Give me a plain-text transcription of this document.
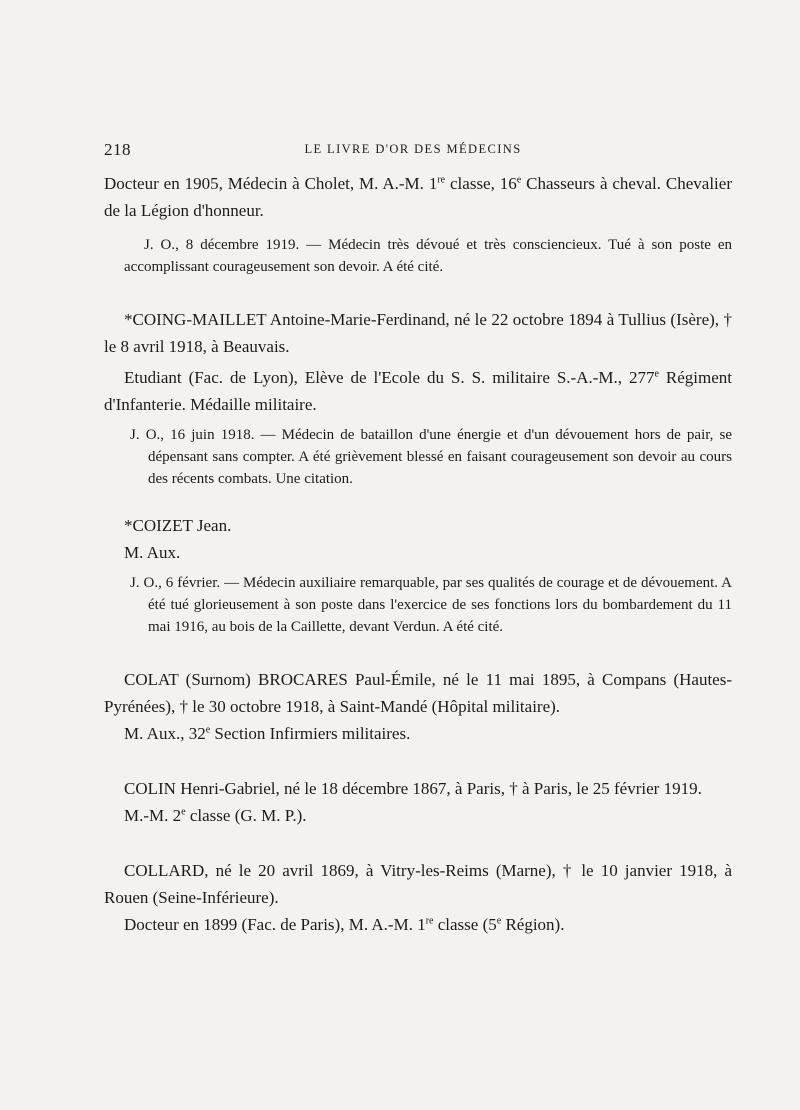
218	LE LIVRE D'OR DES MÉDECINS

Docteur en 1905, Médecin à Cholet, M. A.-M. 1re classe, 16e Chasseurs à cheval. Chevalier de la Légion d'honneur.

J. O., 8 décembre 1919. — Médecin très dévoué et très consciencieux. Tué à son poste en accomplissant courageusement son devoir. A été cité.

*COING-MAILLET Antoine-Marie-Ferdinand, né le 22 octobre 1894 à Tullius (Isère), † le 8 avril 1918, à Beauvais.

Etudiant (Fac. de Lyon), Elève de l'Ecole du S. S. militaire S.-A.-M., 277e Régiment d'Infanterie. Médaille militaire.

J. O., 16 juin 1918. — Médecin de bataillon d'une énergie et d'un dévouement hors de pair, se dépensant sans compter. A été grièvement blessé en faisant courageusement son devoir au cours des récents combats. Une citation.

*COIZET Jean.

M. Aux.

J. O., 6 février. — Médecin auxiliaire remarquable, par ses qualités de courage et de dévouement. A été tué glorieusement à son poste dans l'exercice de ses fonctions lors du bombardement du 11 mai 1916, au bois de la Caillette, devant Verdun. A été cité.

COLAT (Surnom) BROCARES Paul-Émile, né le 11 mai 1895, à Compans (Hautes-Pyrénées), † le 30 octobre 1918, à Saint-Mandé (Hôpital militaire).

M. Aux., 32e Section Infirmiers militaires.

COLIN Henri-Gabriel, né le 18 décembre 1867, à Paris, † à Paris, le 25 février 1919.

M.-M. 2e classe (G. M. P.).

COLLARD, né le 20 avril 1869, à Vitry-les-Reims (Marne), † le 10 janvier 1918, à Rouen (Seine-Inférieure).

Docteur en 1899 (Fac. de Paris), M. A.-M. 1re classe (5e Région).
